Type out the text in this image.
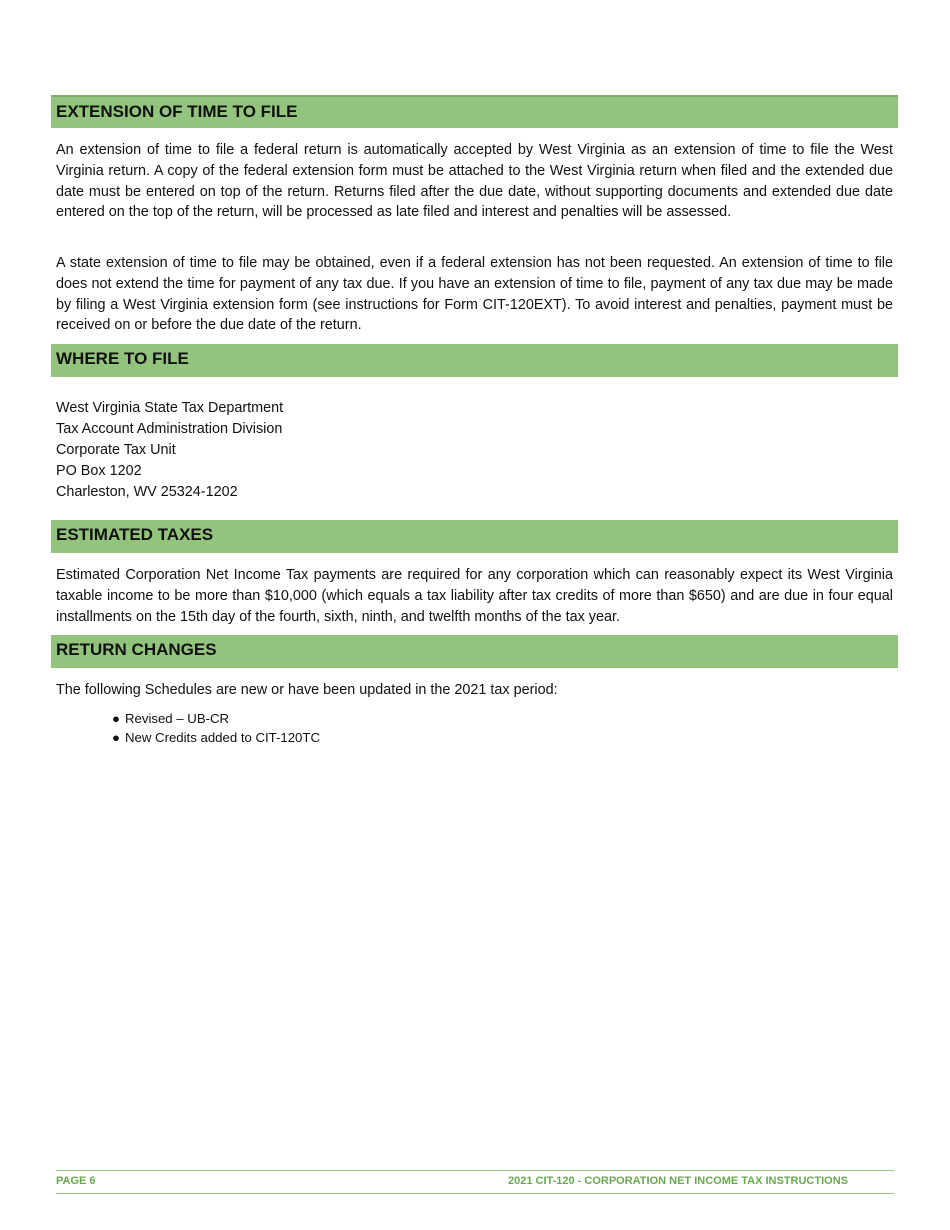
EXTENSION OF TIME TO FILE

An extension of time to file a federal return is automatically accepted by West Virginia as an extension of time to file the West Virginia return. A copy of the federal extension form must be attached to the West Virginia return when filed and the extended due date must be entered on top of the return. Returns filed after the due date, without supporting documents and extended due date entered on the top of the return, will be processed as late filed and interest and penalties will be assessed.

A state extension of time to file may be obtained, even if a federal extension has not been requested. An extension of time to file does not extend the time for payment of any tax due. If you have an extension of time to file, payment of any tax due may be made by filing a West Virginia extension form (see instructions for Form CIT-120EXT). To avoid interest and penalties, payment must be received on or before the due date of the return.

WHERE TO FILE
West Virginia State Tax Department
Tax Account Administration Division
Corporate Tax Unit
PO Box 1202
Charleston, WV 25324-1202
ESTIMATED TAXES

Estimated Corporation Net Income Tax payments are required for any corporation which can reasonably expect its West Virginia taxable income to be more than $10,000 (which equals a tax liability after tax credits of more than $650) and are due in four equal installments on the 15th day of the fourth, sixth, ninth, and twelfth months of the tax year.

RETURN CHANGES

The following Schedules are new or have been updated in the 2021 tax period:

● Revised – UB-CR
● New Credits added to CIT-120TC
PAGE 6	2021 CIT-120 - CORPORATION NET INCOME TAX INSTRUCTIONS
